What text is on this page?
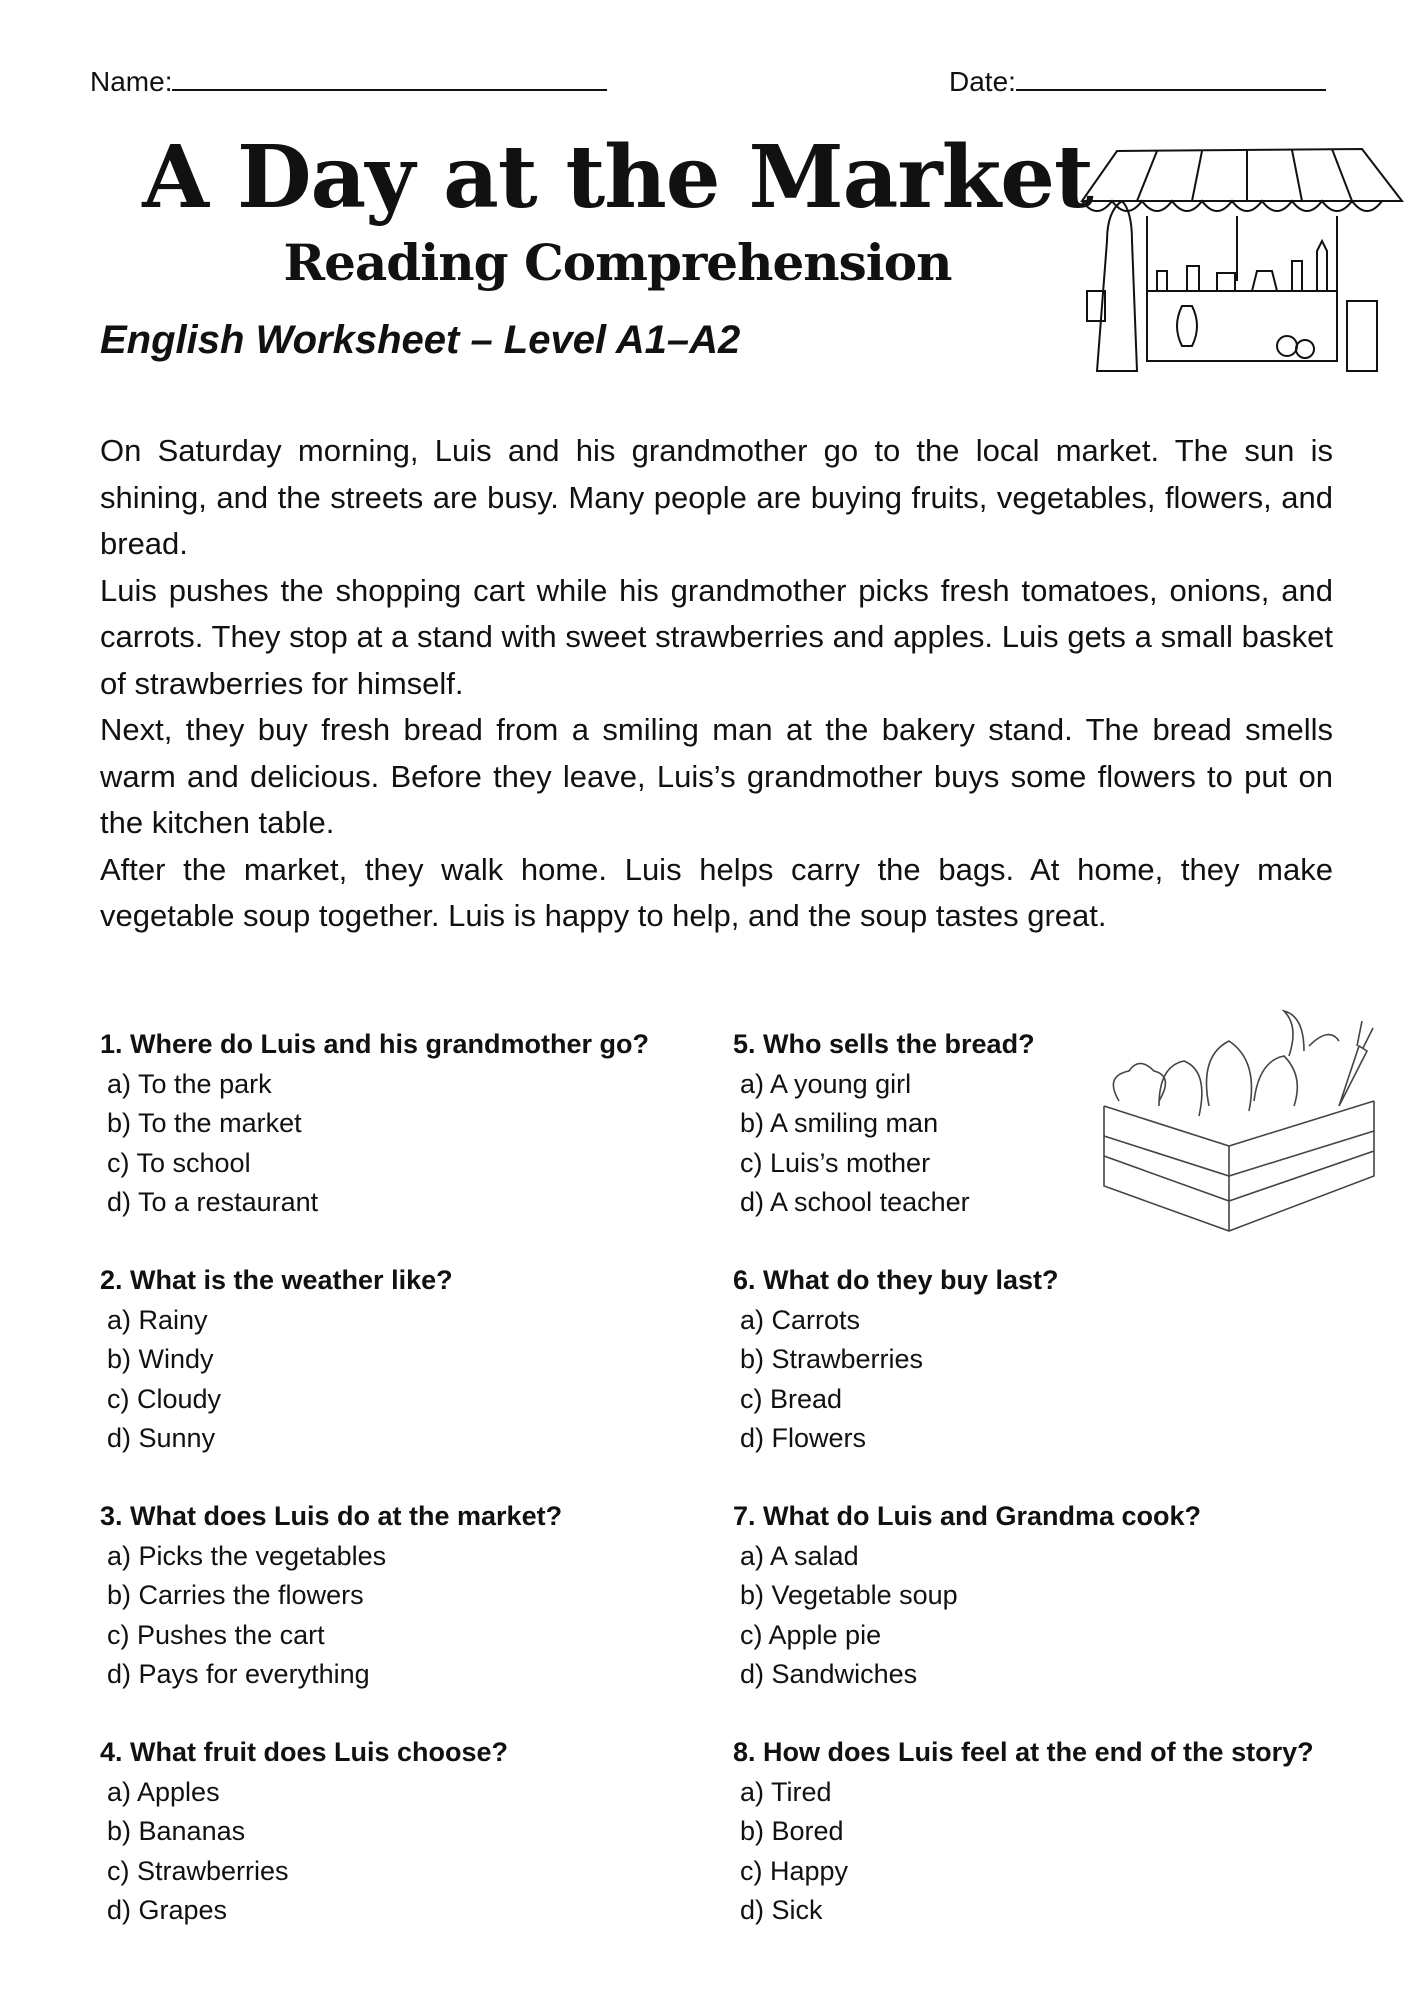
Name:	Date:
A Day at the Market
Reading Comprehension
English Worksheet – Level A1–A2

On Saturday morning, Luis and his grandmother go to the local market. The sun is shining, and the streets are busy. Many people are buying fruits, vegetables, flowers, and bread.

Luis pushes the shopping cart while his grandmother picks fresh tomatoes, onions, and carrots. They stop at a stand with sweet strawberries and apples. Luis gets a small basket of strawberries for himself.

Next, they buy fresh bread from a smiling man at the bakery stand. The bread smells warm and delicious. Before they leave, Luis’s grandmother buys some flowers to put on the kitchen table.

After the market, they walk home. Luis helps carry the bags. At home, they make vegetable soup together. Luis is happy to help, and the soup tastes great.

1. Where do Luis and his grandmother go?
a) To the park
b) To the market
c) To school
d) To a restaurant
2. What is the weather like?
a) Rainy
b) Windy
c) Cloudy
d) Sunny
3. What does Luis do at the market?
a) Picks the vegetables
b) Carries the flowers
c) Pushes the cart
d) Pays for everything
4. What fruit does Luis choose?
a) Apples
b) Bananas
c) Strawberries
d) Grapes
5. Who sells the bread?
a) A young girl
b) A smiling man
c) Luis’s mother
d) A school teacher
6. What do they buy last?
a) Carrots
b) Strawberries
c) Bread
d) Flowers
7. What do Luis and Grandma cook?
a) A salad
b) Vegetable soup
c) Apple pie
d) Sandwiches
8. How does Luis feel at the end of the story?
a) Tired
b) Bored
c) Happy
d) Sick
